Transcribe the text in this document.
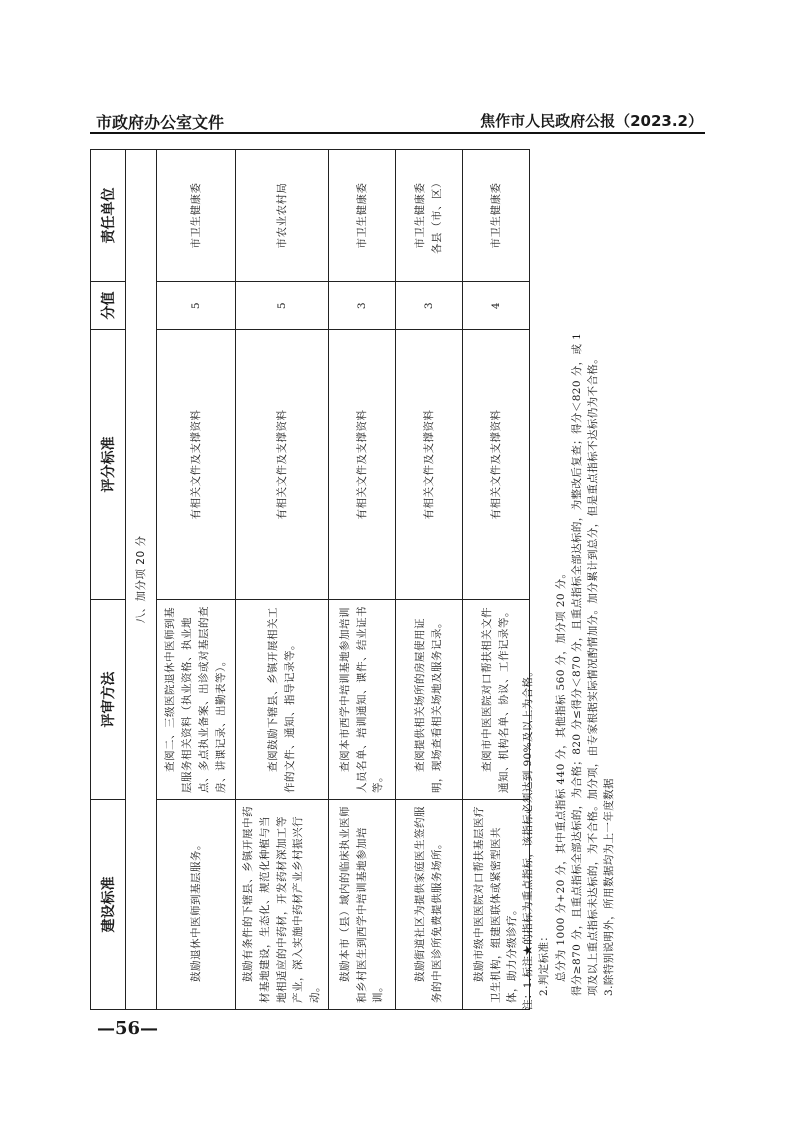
市政府办公室文件	焦作市人民政府公报（2023.2）
建设标准	评审方法	评分标准	分值	责任单位
八、加分项 20 分				
鼓励退休中医师到基层服务。	查阅二、三级医院退休中医师到基层服务相关资料（执业资格、执业地点、多点执业备案、出诊或对基层的查房、讲课记录、出勤表等）。	有相关文件及支撑资料	5	市卫生健康委
鼓励有条件的下辖县、乡镇开展中药材基地建设，生态化、规范化种植与当地相适应的中药材，开发药材深加工等产业，深入实施中药材产业乡村振兴行动。	查阅鼓励下辖县、乡镇开展相关工作的文件、通知、指导记录等。	有相关文件及支撑资料	5	市农业农村局
鼓励本市（县）域内的临床执业医师和乡村医生到西学中培训基地参加培训。	查阅本市西学中培训基地参加培训人员名单、培训通知、课件、结业证书等。	有相关文件及支撑资料	3	市卫生健康委
鼓励街道社区为提供家庭医生签约服务的中医诊所免费提供服务场所。	查阅提供相关场所的房屋使用证明，现场查看相关场地及服务记录。	有相关文件及支撑资料	3	市卫生健康委
各县（市、区）
鼓励市级中医医院对口帮扶基层医疗卫生机构，组建医联体或紧密型医共体，助力分级诊疗。	查阅市中医医院对口帮扶相关文件通知、机构名单、协议、工作记录等。	有相关文件及支撑资料	4	市卫生健康委
注：1.标注★的指标为重点指标，该指标必须达到 90%及以上为合格。 2.判定标准： 总分为 1000 分+20 分，其中重点指标 440 分，其他指标 560 分，加分项 20 分。 得分≥870 分，且重点指标全部达标的，为合格；820 分≤得分＜870 分，且重点指标全部达标的，为整改后复查；得分＜820 分，或 1 项及以上重点指标未达标的，为不合格。加分项，由专家根据实际情况酌情加分。加分累计到总分，但是重点指标不达标仍为不合格。 3.除特别说明外，所用数据均为上一年度数据
—56—
